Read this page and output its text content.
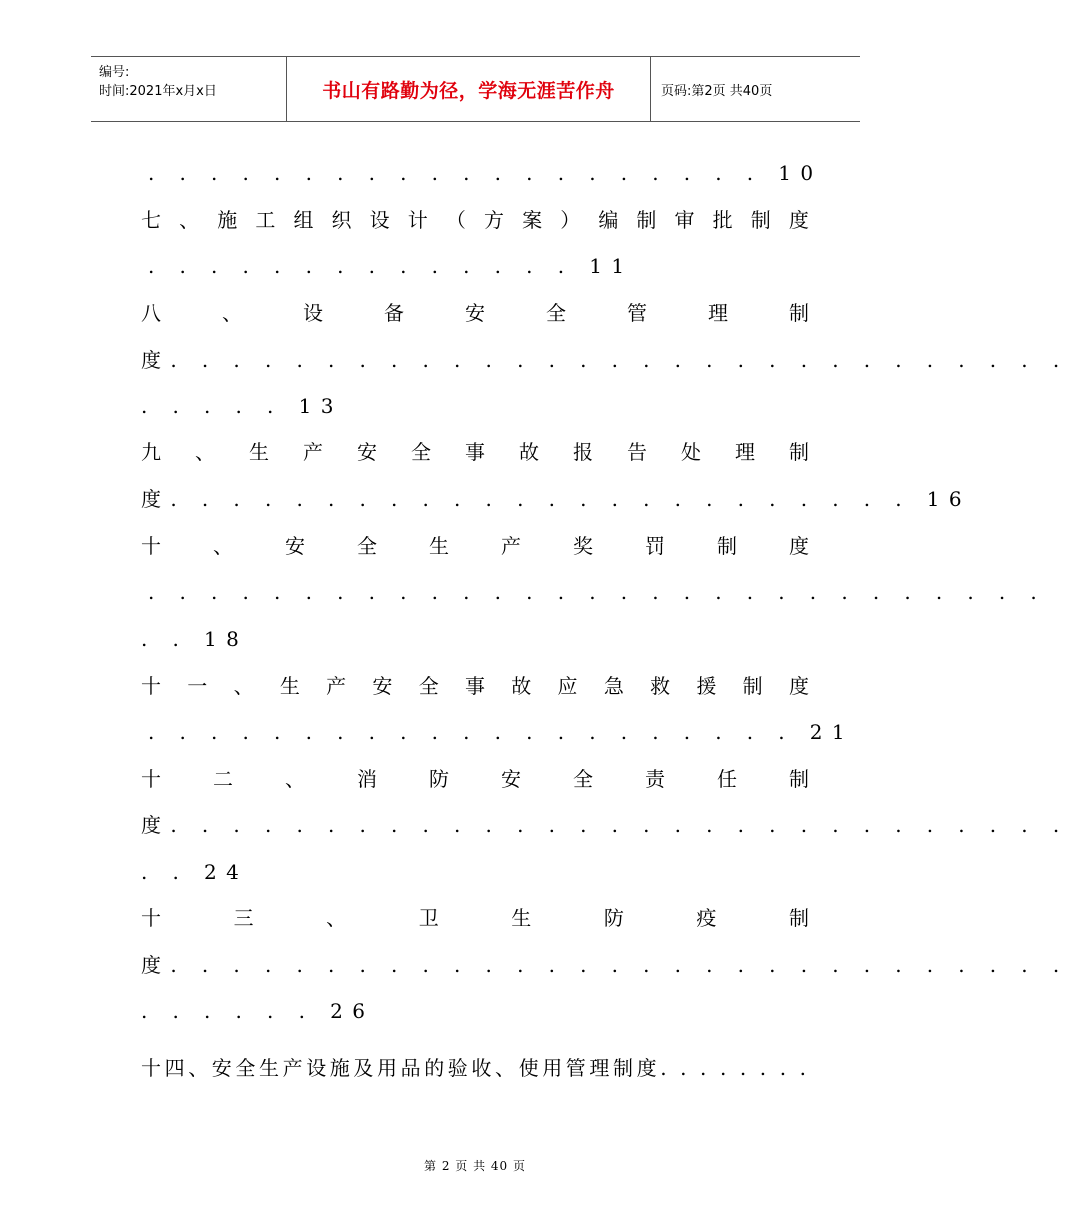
编号:
时间:2021年x月x日	书山有路勤为径，学海无涯苦作舟	页码:第2页 共40页
. . . . . . . . . . . . . . . . . . . . 10
七 、 施 工 组 织 设 计 （ 方 案 ） 编 制 审 批 制 度
. . . . . . . . . . . . . . 11
八	、	设	备	安	全	管	理	制
度. . . . . . . . . . . . . . . . . . . . . . . . . . . . .
. . . . . 13
九 、 生 产 安 全 事 故 报 告 处 理 制
度. . . . . . . . . . . . . . . . . . . . . . . . 16
十	、	安	全	生	产	奖	罚	制	度
. . . . . . . . . . . . . . . . . . . . . . . . . . . . .
. . 18
十 一 、 生 产 安 全 事 故 应 急 救 援 制 度
. . . . . . . . . . . . . . . . . . . . . 21
十	二	、	消	防	安	全	责	任	制
度. . . . . . . . . . . . . . . . . . . . . . . . . . . . .
. . 24
十	三	、	卫	生	防	疫	制
度. . . . . . . . . . . . . . . . . . . . . . . . . . . . .
. . . . . . 26
十四、安全生产设施及用品的验收、使用管理制度. . . . . . . .
第 2 页 共 40 页
